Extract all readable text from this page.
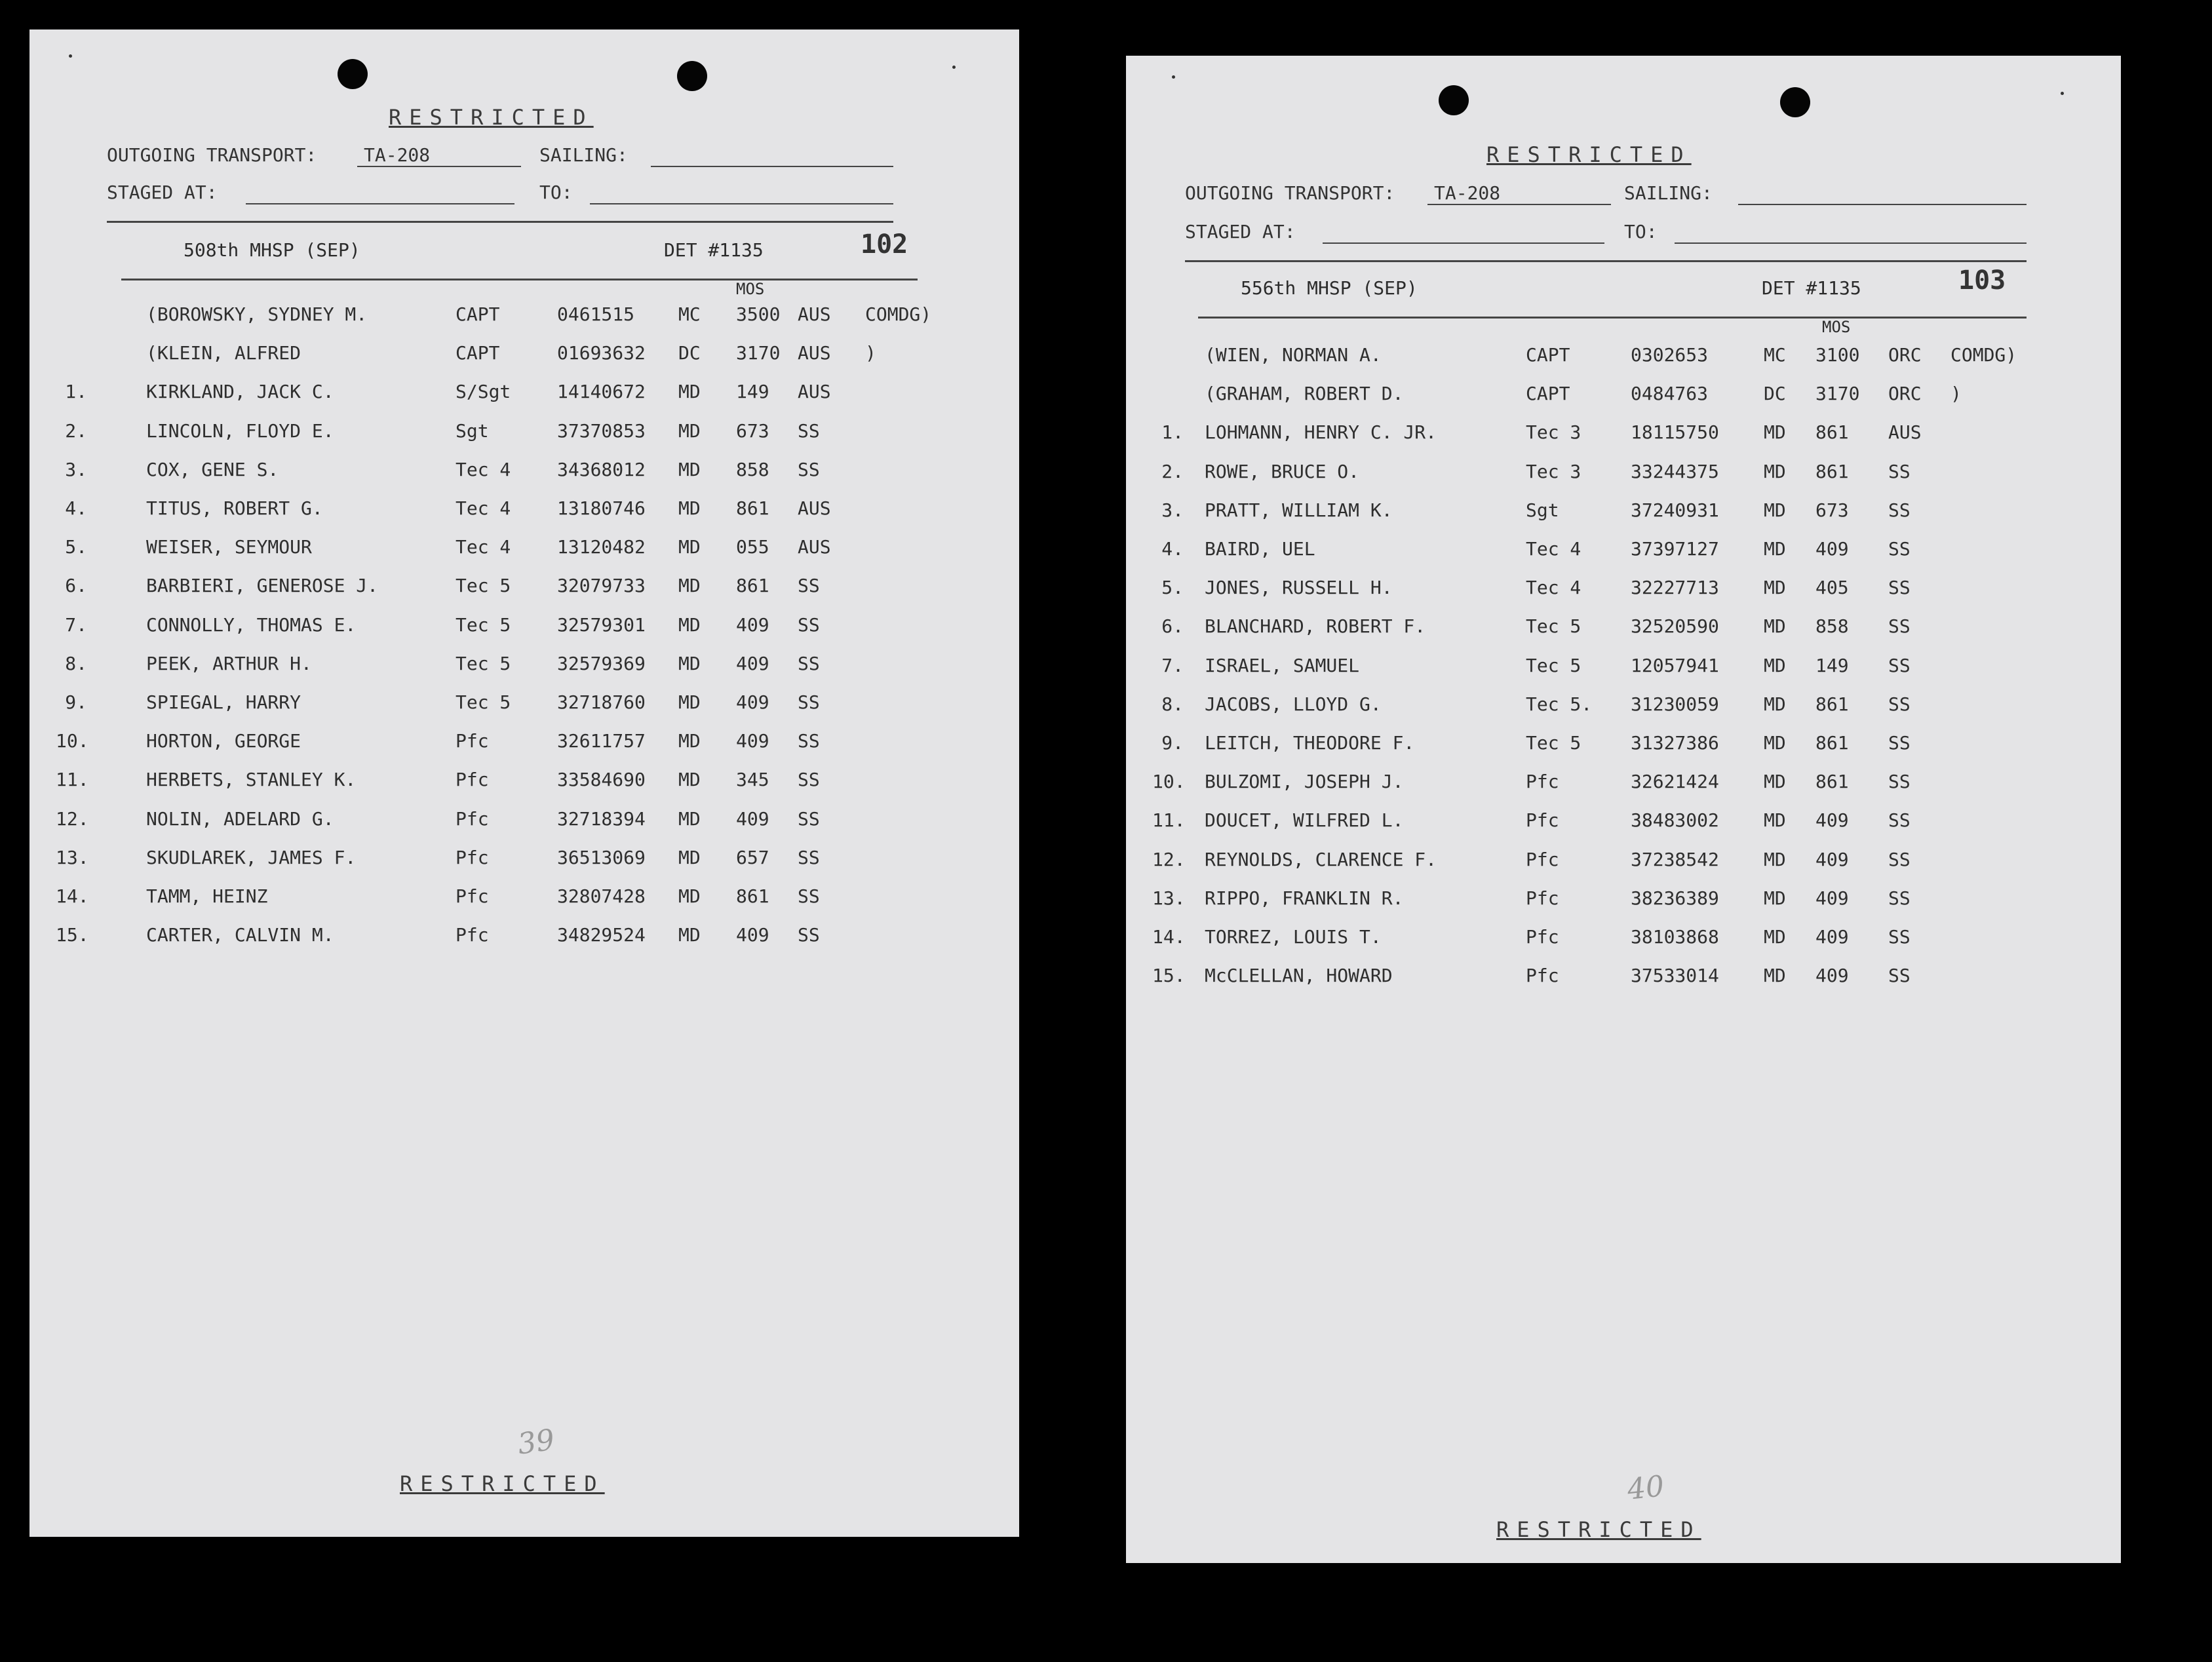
RESTRICTED
OUTGOING TRANSPORT:	TA-208	SAILING:
STAGED AT:	TO:
508th MHSP (SEP)	DET #1135	102
MOS
(BOROWSKY, SYDNEY M.	CAPT	0461515 MC 3500 AUS COMDG)
(KLEIN, ALFRED	CAPT	01693632 DC 3170 AUS )
1.	KIRKLAND, JACK C.	S/Sgt	14140672 MD 149 AUS
2.	LINCOLN, FLOYD E.	Sgt	37370853 MD 673 SS
3.	COX, GENE S.	Tec 4	34368012 MD 858 SS
4.	TITUS, ROBERT G.	Tec 4	13180746 MD 861 AUS
5.	WEISER, SEYMOUR	Tec 4	13120482 MD 055 AUS
6.	BARBIERI, GENEROSE J.	Tec 5	32079733 MD 861 SS
7.	CONNOLLY, THOMAS E.	Tec 5	32579301 MD 409 SS
8.	PEEK, ARTHUR H.	Tec 5	32579369 MD 409 SS
9.	SPIEGAL, HARRY	Tec 5	32718760 MD 409 SS
10.	HORTON, GEORGE	Pfc	32611757 MD 409 SS
11.	HERBETS, STANLEY K.	Pfc	33584690 MD 345 SS
12.	NOLIN, ADELARD G.	Pfc	32718394 MD 409 SS
13.	SKUDLAREK, JAMES F.	Pfc	36513069 MD 657 SS
14.	TAMM, HEINZ	Pfc	32807428 MD 861 SS
15.	CARTER, CALVIN M.	Pfc	34829524 MD 409 SS
39
RESTRICTED
RESTRICTED
OUTGOING TRANSPORT:	TA-208	SAILING:
STAGED AT:	TO:
556th MHSP (SEP)	DET #1135	103
MOS
(WIEN, NORMAN A.	CAPT	0302653	MC 3100 ORC COMDG)
(GRAHAM, ROBERT D.	CAPT	0484763	DC 3170 ORC )
1. LOHMANN, HENRY C. JR.	Tec 3	18115750 MD 861 AUS
2. ROWE, BRUCE O.	Tec 3	33244375 MD 861 SS
3. PRATT, WILLIAM K.	Sgt	37240931 MD 673 SS
4. BAIRD, UEL	Tec 4	37397127 MD 409 SS
5. JONES, RUSSELL H.	Tec 4	32227713 MD 405 SS
6. BLANCHARD, ROBERT F.	Tec 5	32520590 MD 858 SS
7. ISRAEL, SAMUEL	Tec 5	12057941 MD 149 SS
8. JACOBS, LLOYD G.	Tec 5. 31230059 MD 861 SS
9. LEITCH, THEODORE F.	Tec 5	31327386 MD 861 SS
10. BULZOMI, JOSEPH J.	Pfc	32621424 MD 861 SS
11. DOUCET, WILFRED L.	Pfc	38483002 MD 409 SS
12. REYNOLDS, CLARENCE F.	Pfc	37238542 MD 409 SS
13. RIPPO, FRANKLIN R.	Pfc	38236389 MD 409 SS
14. TORREZ, LOUIS T.	Pfc	38103868 MD 409 SS
15. McCLELLAN, HOWARD	Pfc	37533014 MD 409 SS
40
RESTRICTED
